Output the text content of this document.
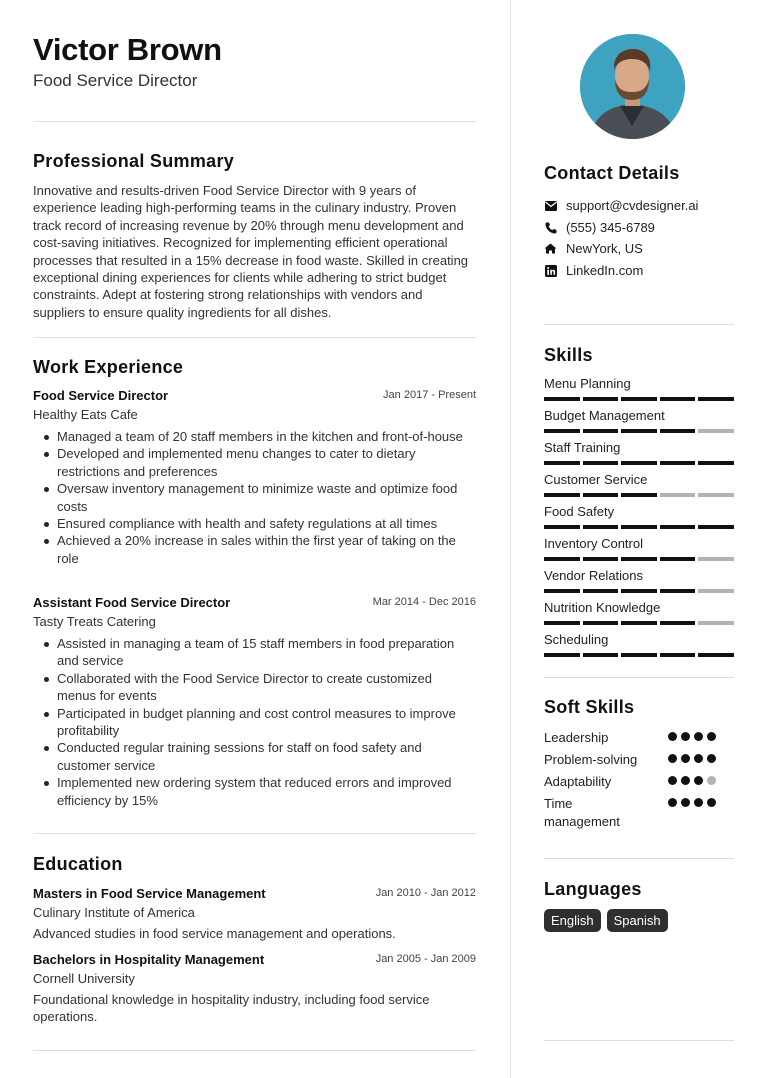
Victor Brown
Food Service Director
Professional Summary
Innovative and results-driven Food Service Director with 9 years of experience leading high-performing teams in the culinary industry. Proven track record of increasing revenue by 20% through menu development and cost-saving initiatives. Recognized for implementing efficient operational processes that resulted in a 15% decrease in food waste. Skilled in creating exceptional dining experiences for clients while adhering to strict budget constraints. Adept at fostering strong relationships with vendors and suppliers to ensure quality ingredients for all dishes.
Work Experience
Food Service Director	Jan 2017 - Present
Healthy Eats Cafe
Managed a team of 20 staff members in the kitchen and front-of-house
Developed and implemented menu changes to cater to dietary restrictions and preferences
Oversaw inventory management to minimize waste and optimize food costs
Ensured compliance with health and safety regulations at all times
Achieved a 20% increase in sales within the first year of taking on the role
Assistant Food Service Director	Mar 2014 - Dec 2016
Tasty Treats Catering
Assisted in managing a team of 15 staff members in food preparation and service
Collaborated with the Food Service Director to create customized menus for events
Participated in budget planning and cost control measures to improve profitability
Conducted regular training sessions for staff on food safety and customer service
Implemented new ordering system that reduced errors and improved efficiency by 15%
Education
Masters in Food Service Management	Jan 2010 - Jan 2012
Culinary Institute of America
Advanced studies in food service management and operations.
Bachelors in Hospitality Management	Jan 2005 - Jan 2009
Cornell University
Foundational knowledge in hospitality industry, including food service operations.
Contact Details
support@cvdesigner.ai
(555) 345-6789
NewYork, US
LinkedIn.com
Skills
Menu Planning
Budget Management
Staff Training
Customer Service
Food Safety
Inventory Control
Vendor Relations
Nutrition Knowledge
Scheduling
Soft Skills
Leadership
Problem-solving
Adaptability
Time management
Languages
English	Spanish
